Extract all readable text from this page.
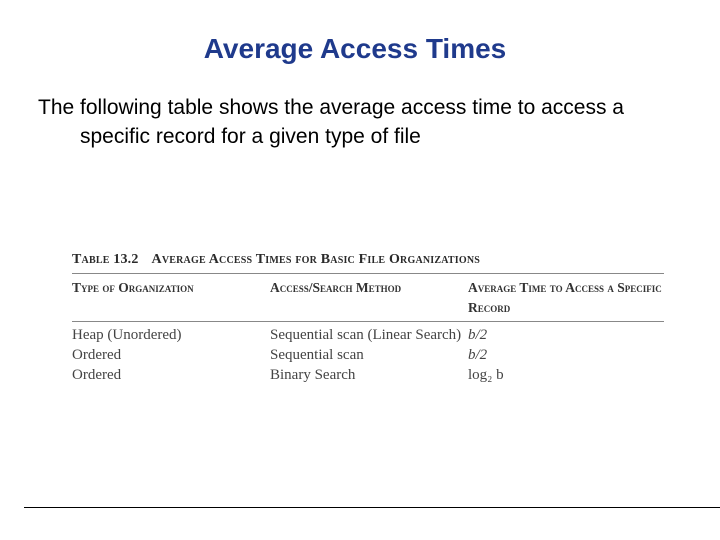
Average Access Times
The following table shows the average access time to access a
specific record for a given type of file
Table 13.2 Average Access Times for Basic File Organizations
Type of Organization	Access/Search Method	Average Time to Access a Specific Record
Heap (Unordered)	Sequential scan (Linear Search)	b/2
Ordered	Sequential scan	b/2
Ordered	Binary Search	log₂ b
